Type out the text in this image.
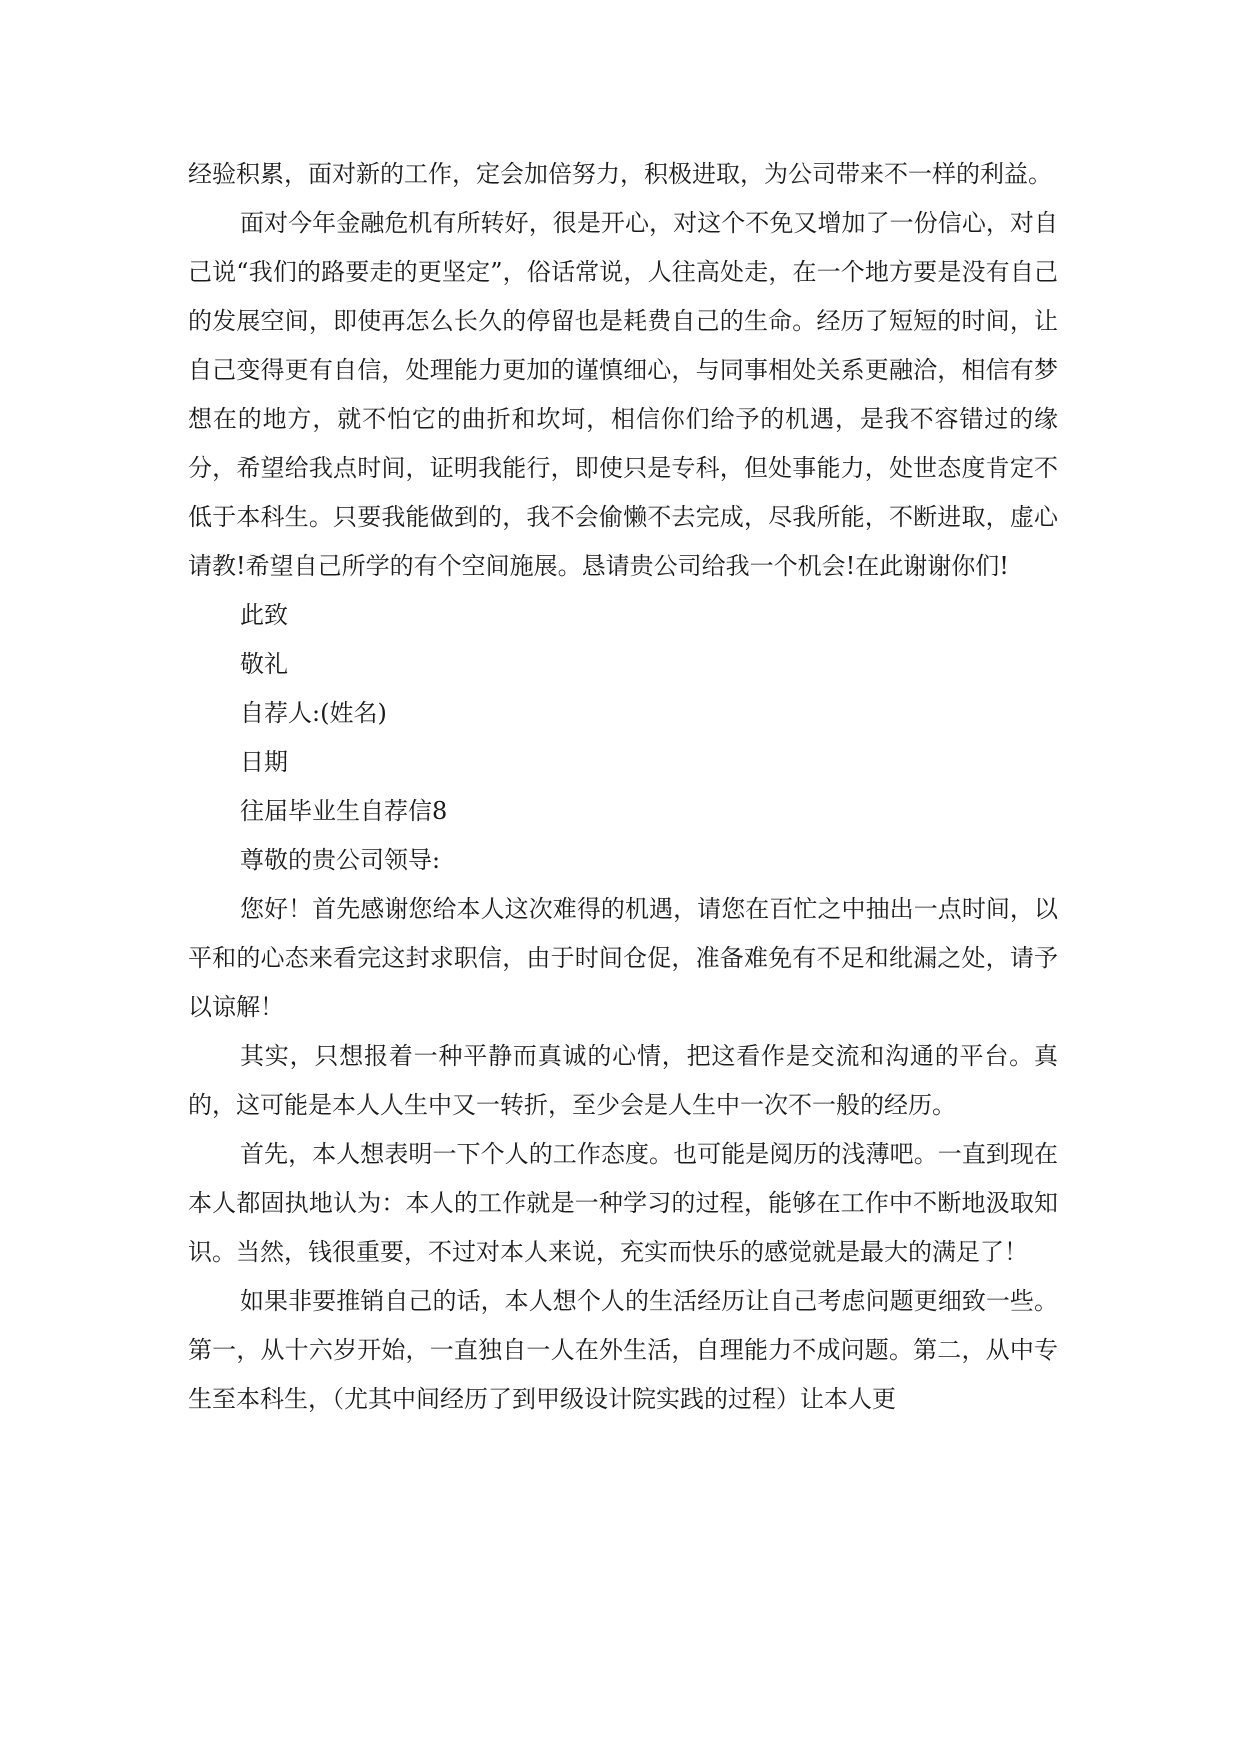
经验积累，面对新的工作，定会加倍努力，积极进取，为公司带来不一样的利益。

面对今年金融危机有所转好，很是开心，对这个不免又增加了一份信心，对自己说“我们的路要走的更坚定”，俗话常说，人往高处走，在一个地方要是没有自己的发展空间，即使再怎么长久的停留也是耗费自己的生命。经历了短短的时间，让自己变得更有自信，处理能力更加的谨慎细心，与同事相处关系更融洽，相信有梦想在的地方，就不怕它的曲折和坎坷，相信你们给予的机遇，是我不容错过的缘分，希望给我点时间，证明我能行，即使只是专科，但处事能力，处世态度肯定不低于本科生。只要我能做到的，我不会偷懒不去完成，尽我所能，不断进取，虚心请教!希望自己所学的有个空间施展。恳请贵公司给我一个机会!在此谢谢你们!

此致

敬礼

自荐人:(姓名)

日期

往届毕业生自荐信8

尊敬的贵公司领导:

您好！首先感谢您给本人这次难得的机遇，请您在百忙之中抽出一点时间，以平和的心态来看完这封求职信，由于时间仓促，准备难免有不足和纰漏之处，请予以谅解！

其实，只想报着一种平静而真诚的心情，把这看作是交流和沟通的平台。真的，这可能是本人人生中又一转折，至少会是人生中一次不一般的经历。

首先，本人想表明一下个人的工作态度。也可能是阅历的浅薄吧。一直到现在本人都固执地认为：本人的工作就是一种学习的过程，能够在工作中不断地汲取知识。当然，钱很重要，不过对本人来说，充实而快乐的感觉就是最大的满足了！

如果非要推销自己的话，本人想个人的生活经历让自己考虑问题更细致一些。第一，从十六岁开始，一直独自一人在外生活，自理能力不成问题。第二，从中专生至本科生，（尤其中间经历了到甲级设计院实践的过程）让本人更
